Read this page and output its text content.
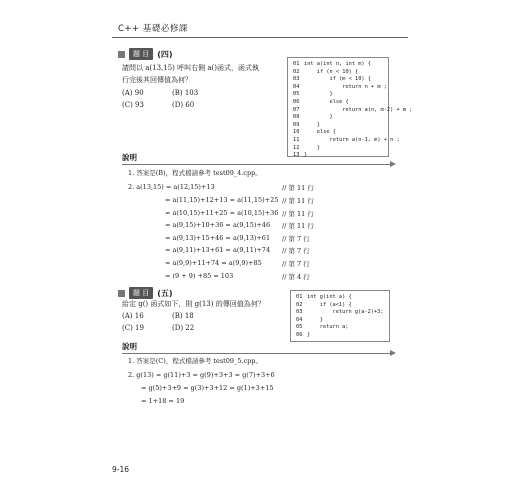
C++ 基礎必修課
題 目	(四)
請問以 a(13,15) 呼叫右側 a()函式，函式執
行完後其回傳值為何？
(A) 90	(B) 103
(C) 93	(D) 60
01 int a(int n, int m) {
02    if (n < 10) {
03        if (m < 10) {
04            return n + m ;
05        }
06        else {
07            return a(n, m-2) + m ;
08        }
09    }
10    else {
11        return a(n-1, m) + n ;
12    }
13 }
說明
1. 答案是(B)，程式檔請參考 test09_4.cpp。
2. a(13,15) = a(12,15)+13	// 第 11 行
= a(11,15)+12+13 = a(11,15)+25 // 第 11 行
= a(10,15)+11+25 = a(10,15)+36 // 第 11 行
= a(9,15)+10+36 = a(9,15)+46 // 第 11 行
= a(9,13)+15+46 = a(9,13)+61 // 第 7 行
= a(9,11)+13+61 = a(9,11)+74 // 第 7 行
= a(9,9)+11+74 = a(9,9)+85	// 第 7 行
= (9 + 9) +85 = 103	// 第 4 行
題 目	(五)
給定 g() 函式如下，則 g(13) 的傳回值為何？
(A) 16	(B) 18
(C) 19	(D) 22
01 int g(int a) {
02    if (a<1) {
03        return g(a-2)+3;
04    }
05    return a;
06 }
說明
1. 答案是(C)，程式檔請參考 test09_5.cpp。
2. g(13) = g(11)+3 = g(9)+3+3 = g(7)+3+6
= g(5)+3+9 = g(3)+3+12 = g(1)+3+15
= 1+18 = 19
9-16
